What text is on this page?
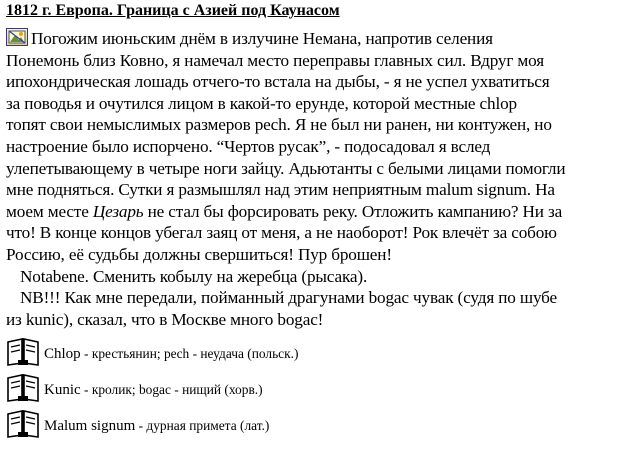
1812 г. Европа. Граница с Азией под Каунасом
Погожим июньским днём в излучине Немана, напротив селения
Понемонь близ Ковно, я намечал место переправы главных сил. Вдруг моя
ипохондрическая лошадь отчего-то встала на дыбы, - я не успел ухватиться
за поводья и очутился лицом в какой-то ерунде, которой местные chlop
топят свои немыслимых размеров pech. Я не был ни ранен, ни контужен, но
настроение было испорчено. “Чертов русак”, - подосадовал я вслед
улепетывающему в четыре ноги зайцу. Адьютанты с белыми лицами помогли
мне подняться. Сутки я размышлял над этим неприятным malum signum. На
моем месте Цезарь не стал бы форсировать реку. Отложить кампанию? Ни за
что! В конце концов убегал заяц от меня, а не наоборот! Рок влечёт за собою
Россию, её судьбы должны свершиться! Пур брошен!
Notabene. Сменить кобылу на жеребца (рысака).
NB!!! Как мне передали, пойманный драгунами bogac чувак (судя по шубе
из kunic), сказал, что в Москве много bogac!
Chlop - крестьянин; pech - неудача (польск.)
Kunic - кролик; bogac - нищий (хорв.)
Malum signum - дурная примета (лат.)
